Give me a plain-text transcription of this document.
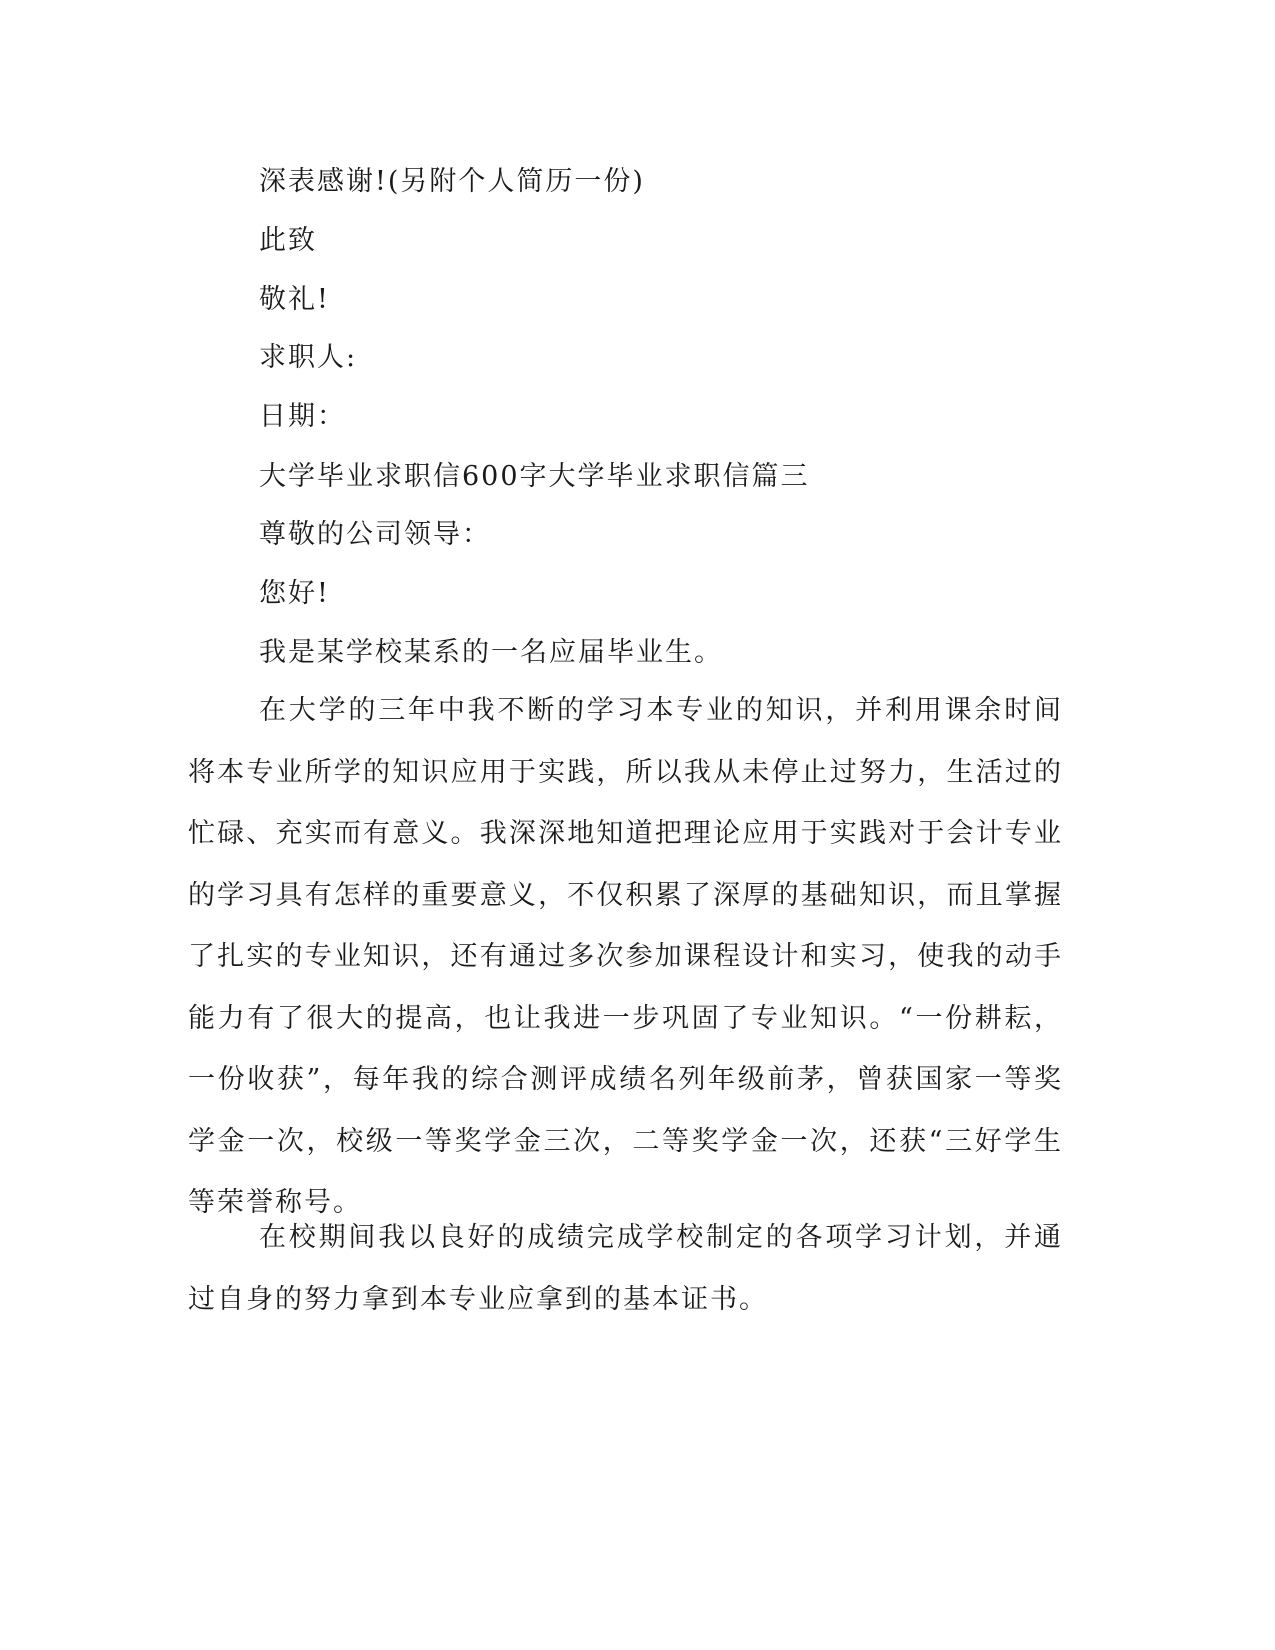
深表感谢!(另附个人简历一份)
此致
敬礼!
求职人:
日期：
大学毕业求职信600字大学毕业求职信篇三
尊敬的公司领导：
您好!
我是某学校某系的一名应届毕业生。

在大学的三年中我不断的学习本专业的知识，并利用课余时间将本专业所学的知识应用于实践，所以我从未停止过努力，生活过的忙碌、充实而有意义。我深深地知道把理论应用于实践对于会计专业的学习具有怎样的重要意义，不仅积累了深厚的基础知识，而且掌握了扎实的专业知识，还有通过多次参加课程设计和实习，使我的动手能力有了很大的提高，也让我进一步巩固了专业知识。“一份耕耘，一份收获”，每年我的综合测评成绩名列年级前茅，曾获国家一等奖学金一次，校级一等奖学金三次，二等奖学金一次，还获“三好学生等荣誉称号。

在校期间我以良好的成绩完成学校制定的各项学习计划，并通过自身的努力拿到本专业应拿到的基本证书。
